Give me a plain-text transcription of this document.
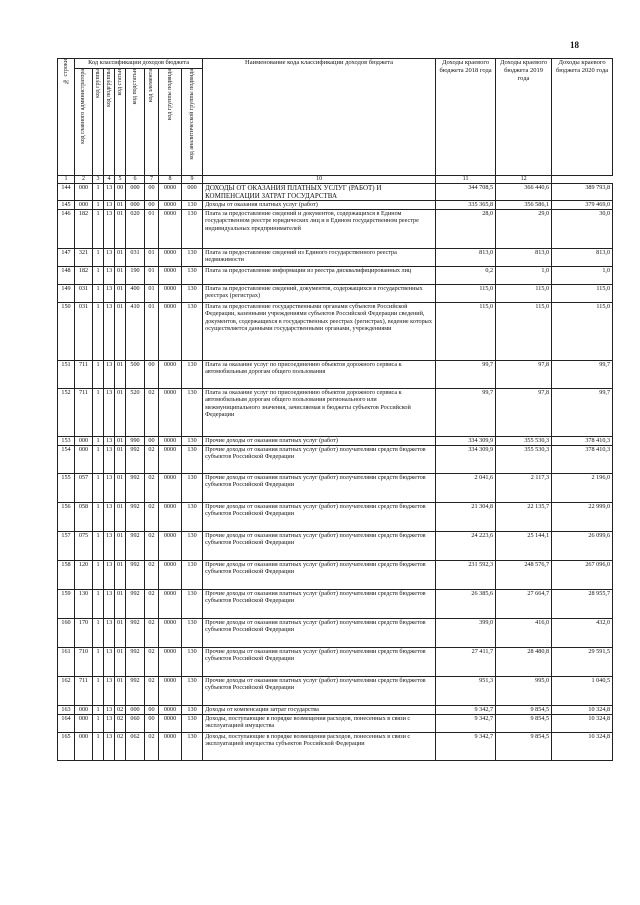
18
№ строки	Код классификации доходов бюджета								Наименование кода классификации доходов бюджета	Доходы краевого бюджета 2018 года	Доходы краевого бюджета 2019 года	Доходы краевого бюджета 2020 года

	код главного администратора	код группы	код подгруппы	код статьи	код подстатьи	код элемента	код группы подвида	код аналитической группы подвида				

1	2	3	4	5	6	7	8	9	10	11	12	
144	000	1	13	00	000	00	0000	000	ДОХОДЫ ОТ ОКАЗАНИЯ ПЛАТНЫХ УСЛУГ (РАБОТ) И КОМПЕНСАЦИИ ЗАТРАТ ГОСУДАРСТВА	344 708,5	366 440,6	389 793,8
145	000	1	13	01	000	00	0000	130	Доходы от оказания платных услуг (работ)	335 365,8	356 586,1	379 469,0
146	182	1	13	01	020	01	0000	130	Плата за предоставление сведений и документов, содержащихся в Едином государственном реестре юридических лиц и в Едином государственном реестре индивидуальных предпринимателей	28,0	29,0	30,0
147	321	1	13	01	031	01	0000	130	Плата за предоставление сведений из Единого государственного реестра недвижимости	813,0	813,0	813,0
148	182	1	13	01	190	01	0000	130	Плата за предоставление информации из реестра дисквалифицированных лиц	0,2	1,0	1,0
149	031	1	13	01	400	01	0000	130	Плата за предоставление сведений, документов, содержащихся в государственных реестрах (регистрах)	115,0	115,0	115,0
150	031	1	13	01	410	01	0000	130	Плата за предоставление государственными органами субъектов Российской Федерации, казенными учреждениями субъектов Российской Федерации сведений, документов, содержащихся в государственных реестрах (регистрах), ведение которых осуществляется данными государственными органами, учреждениями	115,0	115,0	115,0
151	711	1	13	01	500	00	0000	130	Плата за оказание услуг по присоединению объектов дорожного сервиса к автомобильным дорогам общего пользования	99,7	97,8	99,7
152	711	1	13	01	520	02	0000	130	Плата за оказание услуг по присоединению объектов дорожного сервиса к автомобильным дорогам общего пользования регионального или межмуниципального значения, зачисляемая в бюджеты субъектов Российской Федерации	99,7	97,8	99,7
153	000	1	13	01	990	00	0000	130	Прочие доходы от оказания платных услуг (работ)	334 309,9	355 530,3	378 410,3
154	000	1	13	01	992	02	0000	130	Прочие доходы от оказания платных услуг (работ) получателями средств бюджетов субъектов Российской Федерации	334 309,9	355 530,3	378 410,3
155	057	1	13	01	992	02	0000	130	Прочие доходы от оказания платных услуг (работ) получателями средств бюджетов субъектов Российской Федерации	2 041,6	2 117,3	2 196,0
156	058	1	13	01	992	02	0000	130	Прочие доходы от оказания платных услуг (работ) получателями средств бюджетов субъектов Российской Федерации	21 304,8	22 135,7	22 999,0
157	075	1	13	01	992	02	0000	130	Прочие доходы от оказания платных услуг (работ) получателями средств бюджетов субъектов Российской Федерации	24 223,6	25 144,1	26 099,6
158	120	1	13	01	992	02	0000	130	Прочие доходы от оказания платных услуг (работ) получателями средств бюджетов субъектов Российской Федерации	231 592,3	248 576,7	267 096,0
159	130	1	13	01	992	02	0000	130	Прочие доходы от оказания платных услуг (работ) получателями средств бюджетов субъектов Российской Федерации	26 385,6	27 664,7	28 955,7
160	170	1	13	01	992	02	0000	130	Прочие доходы от оказания платных услуг (работ) получателями средств бюджетов субъектов Российской Федерации	399,0	416,0	432,0
161	710	1	13	01	992	02	0000	130	Прочие доходы от оказания платных услуг (работ) получателями средств бюджетов субъектов Российской Федерации	27 411,7	28 480,8	29 591,5
162	711	1	13	01	992	02	0000	130	Прочие доходы от оказания платных услуг (работ) получателями средств бюджетов субъектов Российской Федерации	951,3	995,0	1 040,5
163	000	1	13	02	000	00	0000	130	Доходы от компенсации затрат государства	9 342,7	9 854,5	10 324,8
164	000	1	13	02	060	00	0000	130	Доходы, поступающие в порядке возмещения расходов, понесенных в связи с эксплуатацией имущества	9 342,7	9 854,5	10 324,8
165	000	1	13	02	062	02	0000	130	Доходы, поступающие в порядке возмещения расходов, понесенных в связи с эксплуатацией имущества субъектов Российской Федерации	9 342,7	9 854,5	10 324,8
